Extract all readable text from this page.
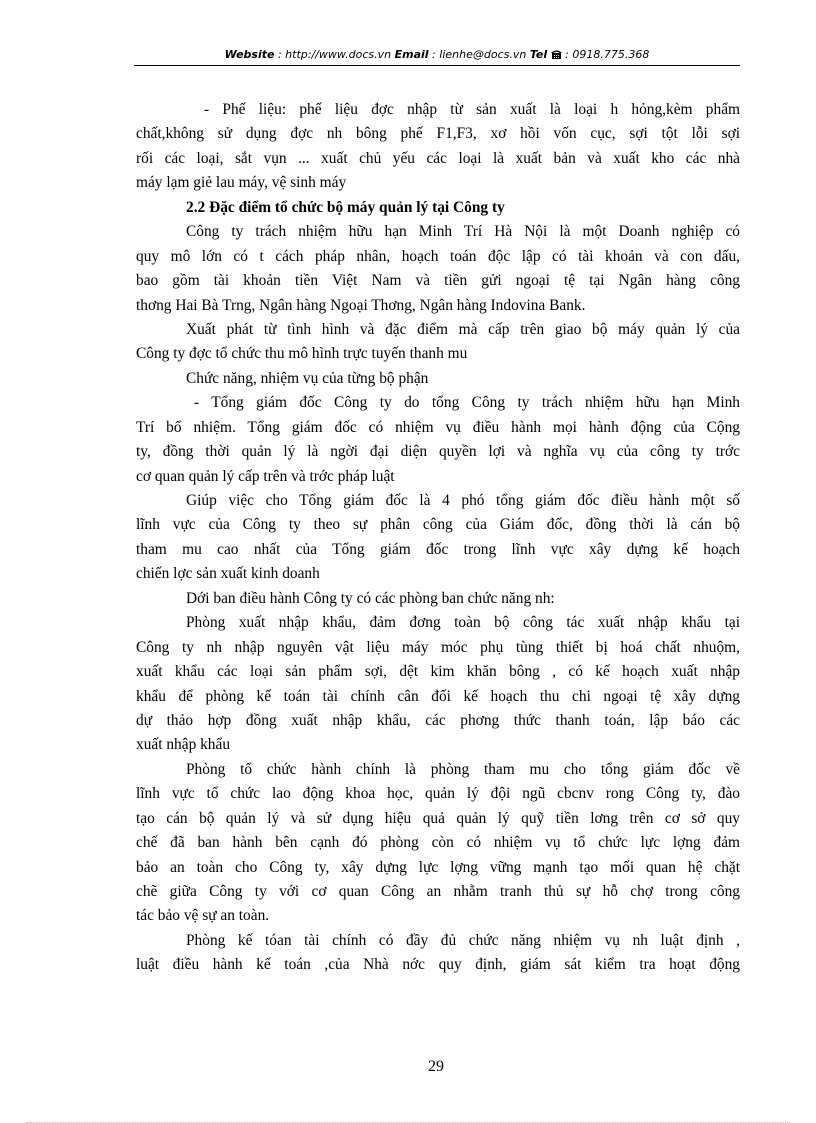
Website : http://www.docs.vn Email : lienhe@docs.vn Tel  : 0918.775.368
- Phế liệu: phế liệu đợc nhập từ sản xuất là loại h hỏng,kèm phẩm
chất,không sử dụng đợc nh bông phế F1,F3, xơ hồi vốn cục, sợi tột lỗi sợi
rối các loại, sắt vụn ... xuất chủ yếu các loại là xuất bản và xuất kho các nhà
máy lạm giẻ lau máy, vệ sinh máy
2.2 Đặc điểm tổ chức bộ máy quản lý tại Công ty
Công ty trách nhiệm hữu hạn Minh Trí Hà Nội là một Doanh nghiệp có
quy mô lớn có t cách pháp nhân, hoạch toán độc lập có tài khoản và con dấu,
bao gồm tài khoản tiền Việt Nam và tiền gửi ngoại tệ tại Ngân hàng công
thơng Hai Bà Trng, Ngân hàng Ngoại Thơng, Ngân hàng Indovina Bank.
Xuất phát từ tình hình và đặc điểm mà cấp trên giao bộ máy quản lý của
Công ty đợc tổ chức thu mô hình trực tuyến thanh mu
Chức năng, nhiệm vụ của từng bộ phận
- Tổng giám đốc Công ty do tổng Công ty trách nhiệm hữu hạn Minh
Trí bổ nhiệm. Tổng giám đốc có nhiệm vụ điều hành mọi hành động của Cộng
ty, đồng thời quản lý là ngời đại diện quyền lợi và nghĩa vụ của công ty trớc
cơ quan quản lý cấp trên và trớc pháp luật
Giúp việc cho Tổng giám đốc là 4 phó tổng giám đốc điều hành một số
lĩnh vực của Công ty theo sự phân công của Giám đốc, đồng thời là cán bộ
tham mu cao nhất của Tổng giám đốc trong lĩnh vực xây dựng kế hoạch
chiến lợc sản xuất kinh doanh
Dới ban điều hành Công ty có các phòng ban chức năng nh:
Phòng xuất nhập khẩu, đảm đơng toàn bộ công tác xuất nhập khẩu tại
Công ty nh nhập nguyên vật liệu máy móc phụ tùng thiết bị hoá chất nhuộm,
xuất khẩu các loại sản phẩm sợi, dệt kim khăn bông , có kế hoạch xuất nhập
khẩu để phòng kế toán tài chính cân đối kế hoạch thu chi ngoại tệ xây dựng
dự thảo hợp đồng xuất nhập khẩu, các phơng thức thanh toán, lập báo các
xuất nhập khẩu
Phòng tổ chức hành chính là phòng tham mu cho tổng giám đốc về
lĩnh vực tổ chức lao động khoa học, quản lý đội ngũ cbcnv rong Công ty, đào
tạo cán bộ quản lý và sử dụng hiệu quả quản lý quỹ tiền lơng trên cơ sở quy
chế đã ban hành bên cạnh đó phòng còn có nhiệm vụ tổ chức lực lợng đảm
bảo an toàn cho Công ty, xây dựng lực lợng vững mạnh tạo mối quan hệ chặt
chẽ giữa Công ty với cơ quan Công an nhằm tranh thủ sự hỗ chợ trong công
tác bảo vệ sự an toàn.
Phòng kế tóan tài chính có đầy đủ chức năng nhiệm vụ nh luật định ,
luật điều hành kế toán ,của Nhà nớc quy định, giám sát kiểm tra hoạt động
29
